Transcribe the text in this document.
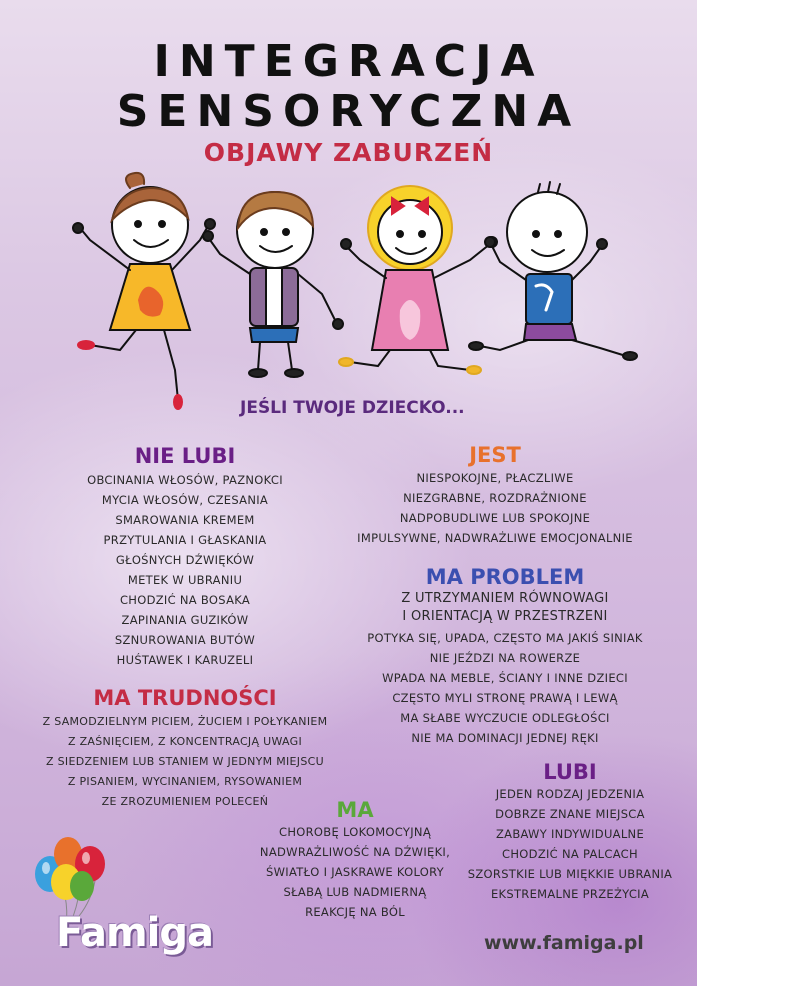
INTEGRACJA
SENSORYCZNA
OBJAWY ZABURZEŃ
JEŚLI TWOJE DZIECKO...
NIE LUBI
OBCINANIA WŁOSÓW, PAZNOKCI
MYCIA WŁOSÓW, CZESANIA
SMAROWANIA KREMEM
PRZYTULANIA I GŁASKANIA
GŁOŚNYCH DŹWIĘKÓW
METEK W UBRANIU
CHODZIĆ NA BOSAKA
ZAPINANIA GUZIKÓW
SZNUROWANIA BUTÓW
HUŚTAWEK I KARUZELI
MA TRUDNOŚCI
Z SAMODZIELNYM PICIEM, ŻUCIEM I POŁYKANIEM
Z ZAŚNIĘCIEM, Z KONCENTRACJĄ UWAGI
Z SIEDZENIEM LUB STANIEM W JEDNYM MIEJSCU
Z PISANIEM, WYCINANIEM, RYSOWANIEM
ZE ZROZUMIENIEM POLECEŃ
JEST
NIESPOKOJNE, PŁACZLIWE
NIEZGRABNE, ROZDRAŻNIONE
NADPOBUDLIWE LUB SPOKOJNE
IMPULSYWNE, NADWRAŻLIWE EMOCJONALNIE
MA PROBLEM
Z UTRZYMANIEM RÓWNOWAGI
I ORIENTACJĄ W PRZESTRZENI
POTYKA SIĘ, UPADA, CZĘSTO MA JAKIŚ SINIAK
NIE JEŹDZI NA ROWERZE
WPADA NA MEBLE, ŚCIANY I INNE DZIECI
CZĘSTO MYLI STRONĘ PRAWĄ I LEWĄ
MA SŁABE WYCZUCIE ODLEGŁOŚCI
NIE MA DOMINACJI JEDNEJ RĘKI
LUBI
JEDEN RODZAJ JEDZENIA
DOBRZE ZNANE MIEJSCA
ZABAWY INDYWIDUALNE
CHODZIĆ NA PALCACH
SZORSTKIE LUB MIĘKKIE UBRANIA
EKSTREMALNE PRZEŻYCIA
MA
CHOROBĘ LOKOMOCYJNĄ
NADWRAŻLIWOŚĆ NA DŹWIĘKI,
ŚWIATŁO I JASKRAWE KOLORY
SŁABĄ LUB NADMIERNĄ
REAKCJĘ NA BÓL
Famiga	www.famiga.pl
